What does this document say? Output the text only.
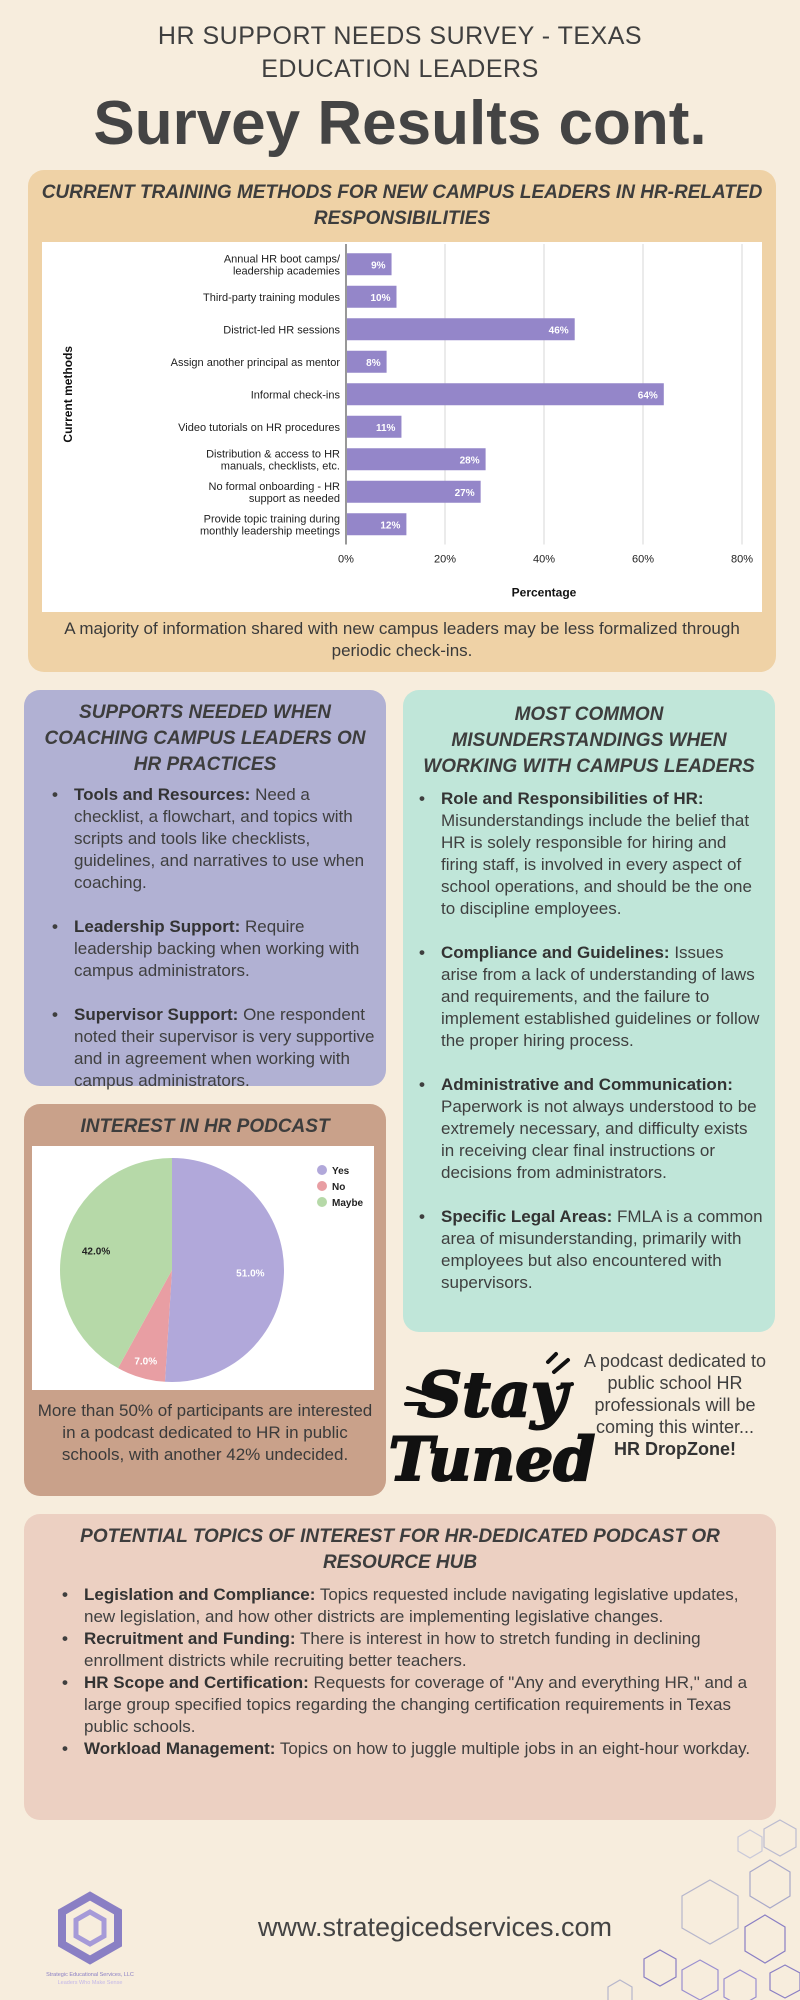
HR SUPPORT NEEDS SURVEY - TEXAS
EDUCATION LEADERS
Survey Results cont.
CURRENT TRAINING METHODS FOR NEW CAMPUS LEADERS IN HR-RELATED RESPONSIBILITIES
0%	20%	40%	60%	80%
Annual HR boot camps/ leadership academies	9%
Third-party training modules	10%
District-led HR sessions	46%
Assign another principal as mentor	8%
Informal check-ins	64%
Video tutorials on HR procedures	11%
Distribution & access to HR manuals, checklists, etc.	28%
No formal onboarding - HR support as needed	27%
Provide topic training during monthly leadership meetings	12%
Percentage
Current methods
A majority of information shared with new campus leaders may be less formalized through periodic check-ins.
SUPPORTS NEEDED WHEN COACHING CAMPUS LEADERS ON HR PRACTICES
• Tools and Resources: Need a checklist, a flowchart, and topics with scripts and tools like checklists, guidelines, and narratives to use when coaching.
• Leadership Support: Require leadership backing when working with campus administrators.
• Supervisor Support: One respondent noted their supervisor is very supportive and in agreement when working with campus administrators.
MOST COMMON MISUNDERSTANDINGS WHEN WORKING WITH CAMPUS LEADERS
• Role and Responsibilities of HR: Misunderstandings include the belief that HR is solely responsible for hiring and firing staff, is involved in every aspect of school operations, and should be the one to discipline employees.
• Compliance and Guidelines: Issues arise from a lack of understanding of laws and requirements, and the failure to implement established guidelines or follow the proper hiring process.
• Administrative and Communication: Paperwork is not always understood to be extremely necessary, and difficulty exists in receiving clear final instructions or decisions from administrators.
• Specific Legal Areas: FMLA is a common area of misunderstanding, primarily with employees but also encountered with supervisors.
INTEREST IN HR PODCAST
51.0%
7.0%
42.0%
Yes
No
Maybe
More than 50% of participants are interested in a podcast dedicated to HR in public schools, with another 42% undecided.
Stay
Tuned
A podcast dedicated to public school HR professionals will be coming this winter...
HR DropZone!
POTENTIAL TOPICS OF INTEREST FOR HR-DEDICATED PODCAST OR RESOURCE HUB
• Legislation and Compliance: Topics requested include navigating legislative updates, new legislation, and how other districts are implementing legislative changes.
• Recruitment and Funding: There is interest in how to stretch funding in declining enrollment districts while recruiting better teachers.
• HR Scope and Certification: Requests for coverage of "Any and everything HR," and a large group specified topics regarding the changing certification requirements in Texas public schools.
• Workload Management: Topics on how to juggle multiple jobs in an eight-hour workday.
Strategic Educational Services, LLC
Leaders Who Make Sense
www.strategicedservices.com
